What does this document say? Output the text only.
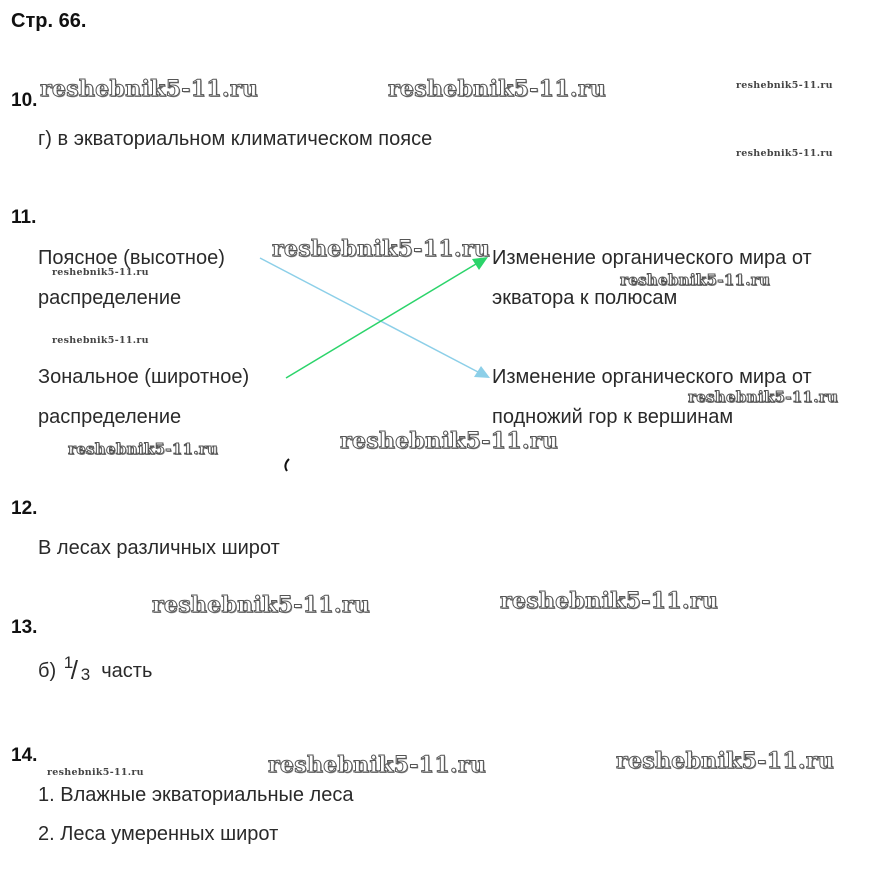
Стр. 66.
10.
г) в экваториальном климатическом поясе
11.
Поясное (высотное)
распределение
Зональное (широтное)
распределение
Изменение органического мира от
экватора к полюсам
Изменение органического мира от
подножий гор к вершинам
12.
В лесах различных широт
13.
б) 1
/ 3 часть
14.
1. Влажные экваториальные леса
2. Леса умеренных широт
reshebnik5-11.ru	reshebnik5-11.ru	reshebnik5-11.ru
reshebnik5-11.ru
reshebnik5-11.ru
reshebnik5-11.ru	reshebnik5-11.ru
reshebnik5-11.ru
reshebnik5-11.ru
reshebnik5-11.ru
reshebnik5-11.ru
reshebnik5-11.ru	reshebnik5-11.ru
reshebnik5-11.ru	reshebnik5-11.ru
reshebnik5-11.ru
